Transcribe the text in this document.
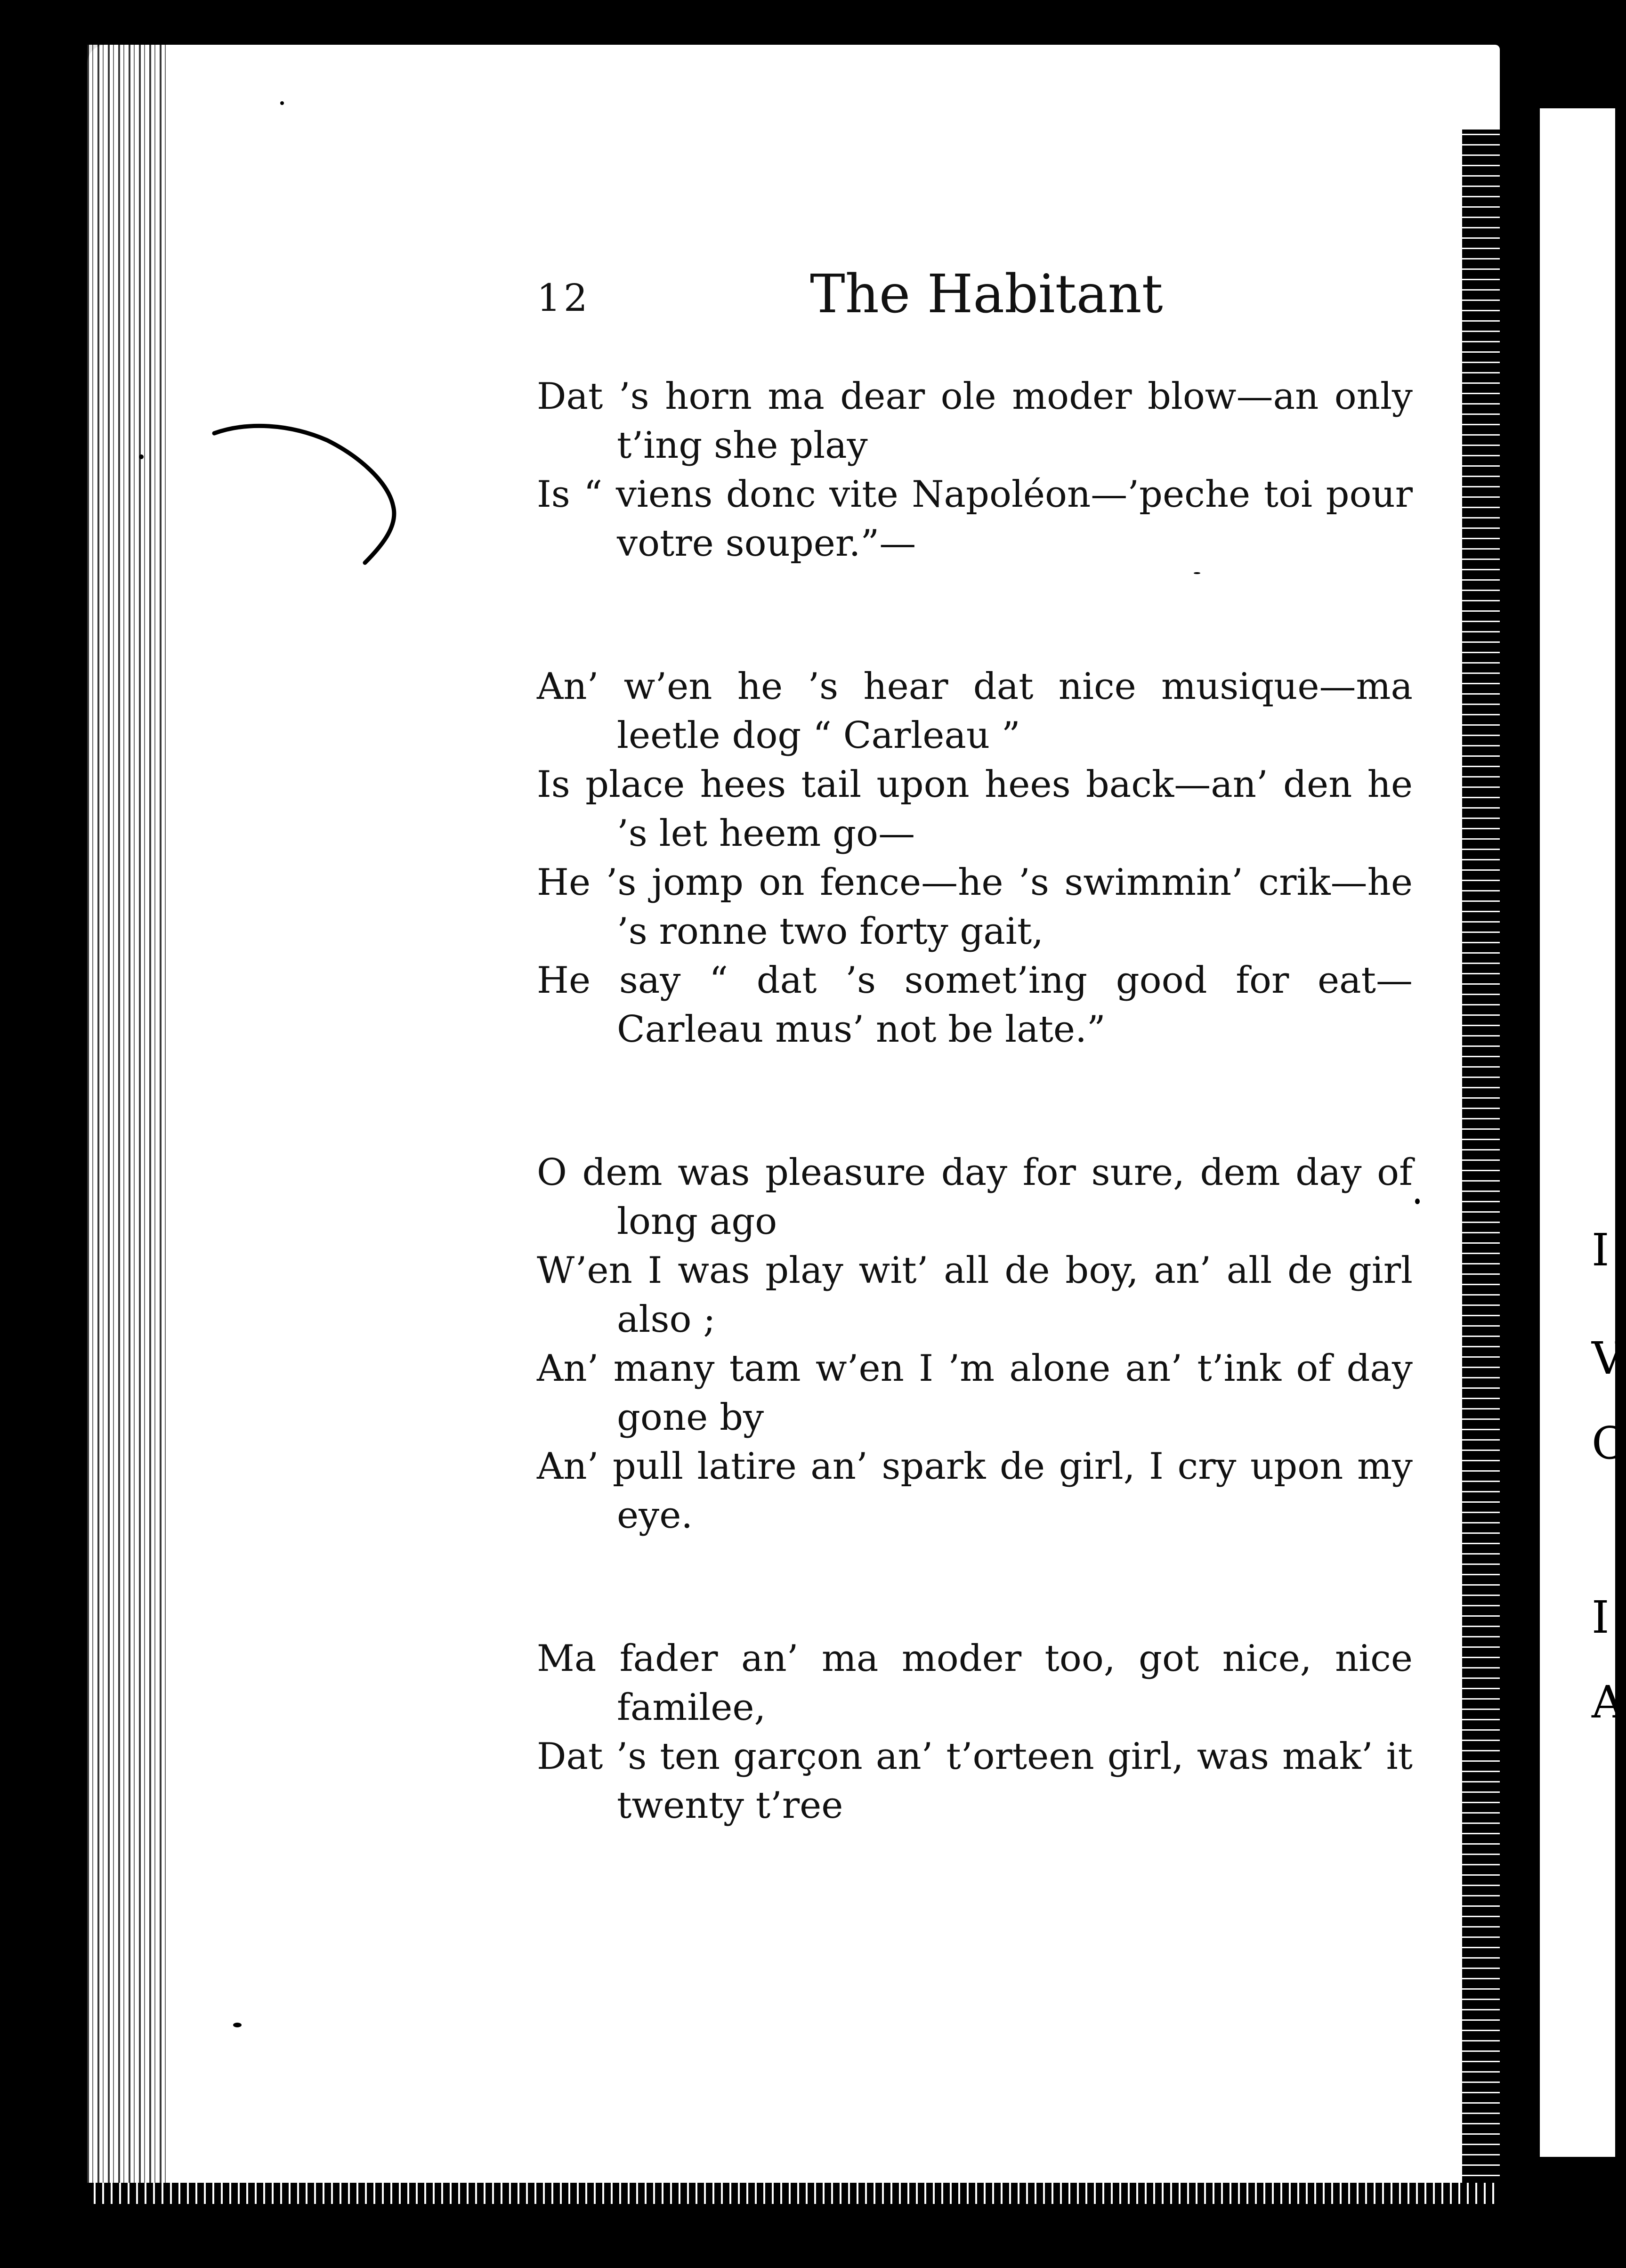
I
V
C
I
A
12	The Habitant
Dat ’s horn ma dear ole moder blow—an only t’ing she play
Is “ viens donc vite Napoléon—’peche toi pour votre souper.”—
An’ w’en he ’s hear dat nice musique—ma leetle dog “ Carleau ”
Is place hees tail upon hees back—an’ den he ’s let heem go—
He ’s jomp on fence—he ’s swimmin’ crik—he ’s ronne two forty gait,
He say “ dat ’s somet’ing good for eat—Carleau mus’ not be late.”
O dem was pleasure day for sure, dem day of long ago
W’en I was play wit’ all de boy, an’ all de girl also ;
An’ many tam w’en I ’m alone an’ t’ink of day gone by
An’ pull latire an’ spark de girl, I cry upon my eye.
Ma fader an’ ma moder too, got nice, nice familee,
Dat ’s ten garçon an’ t’orteen girl, was mak’ it twenty t’ree
